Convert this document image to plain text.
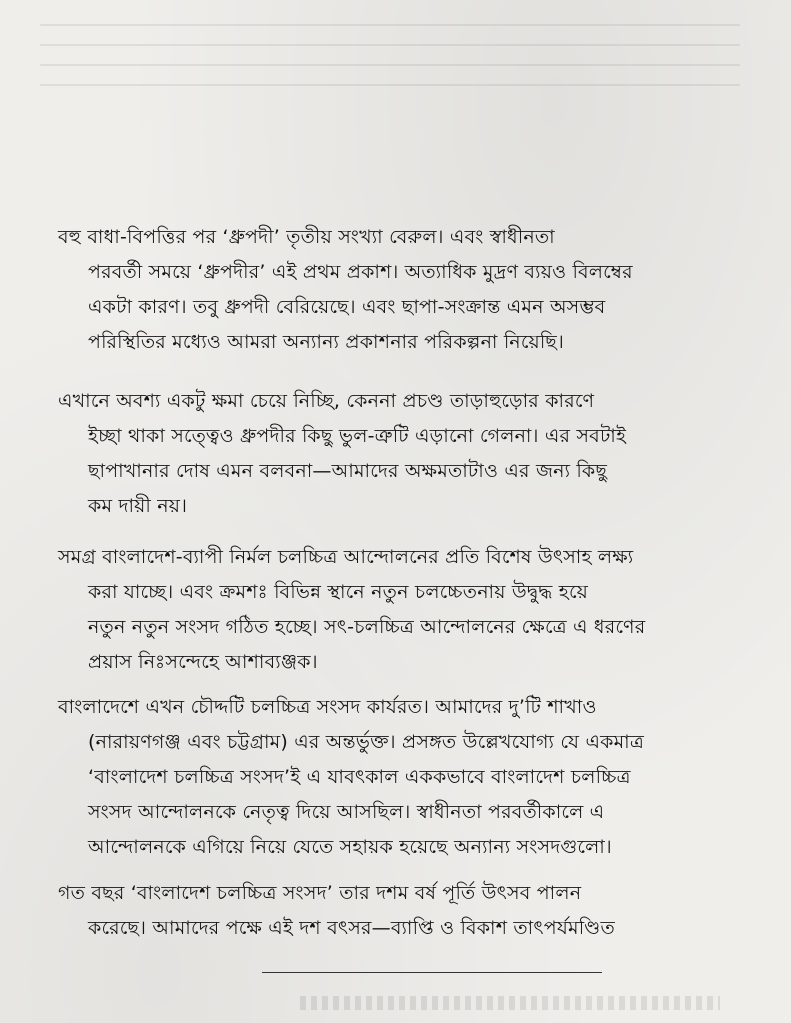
বহু বাধা-বিপত্তির পর ‘ধ্রুপদী’ তৃতীয় সংখ্যা বেরুল। এবং স্বাধীনতা
পরবর্তী সময়ে ‘ধ্রুপদীর’ এই প্রথম প্রকাশ। অত্যাধিক মুদ্রণ ব্যয়ও বিলম্বের
একটা কারণ। তবু ধ্রুপদী বেরিয়েছে। এবং ছাপা-সংক্রান্ত এমন অসম্ভব
পরিস্থিতির মধ্যেও আমরা অন্যান্য প্রকাশনার পরিকল্পনা নিয়েছি।
এখানে অবশ্য একটু ক্ষমা চেয়ে নিচ্ছি, কেননা প্রচণ্ড তাড়াহুড়োর কারণে
ইচ্ছা থাকা সত্ত্বেও ধ্রুপদীর কিছু ভুল-ত্রুটি এড়ানো গেলনা। এর সবটাই
ছাপাখানার দোষ এমন বলবনা—আমাদের অক্ষমতাটাও এর জন্য কিছু
কম দায়ী নয়।
সমগ্র বাংলাদেশ-ব্যাপী নির্মল চলচ্চিত্র আন্দোলনের প্রতি বিশেষ উৎসাহ লক্ষ্য
করা যাচ্ছে। এবং ক্রমশঃ বিভিন্ন স্থানে নতুন চলচ্চেতনায় উদ্বুদ্ধ হয়ে
নতুন নতুন সংসদ গঠিত হচ্ছে। সৎ-চলচ্চিত্র আন্দোলনের ক্ষেত্রে এ ধরণের
প্রয়াস নিঃসন্দেহে আশাব্যঞ্জক।
বাংলাদেশে এখন চৌদ্দটি চলচ্চিত্র সংসদ কার্যরত। আমাদের দু’টি শাখাও
(নারায়ণগঞ্জ এবং চট্টগ্রাম) এর অন্তর্ভুক্ত। প্রসঙ্গত উল্লেখযোগ্য যে একমাত্র
‘বাংলাদেশ চলচ্চিত্র সংসদ’ই এ যাবৎকাল এককভাবে বাংলাদেশ চলচ্চিত্র
সংসদ আন্দোলনকে নেতৃত্ব দিয়ে আসছিল। স্বাধীনতা পরবর্তীকালে এ
আন্দোলনকে এগিয়ে নিয়ে যেতে সহায়ক হয়েছে অন্যান্য সংসদগুলো।
গত বছর ‘বাংলাদেশ চলচ্চিত্র সংসদ’ তার দশম বর্ষ পূর্তি উৎসব পালন
করেছে। আমাদের পক্ষে এই দশ বৎসর—ব্যাপ্তি ও বিকাশ তাৎপর্যমণ্ডিত
